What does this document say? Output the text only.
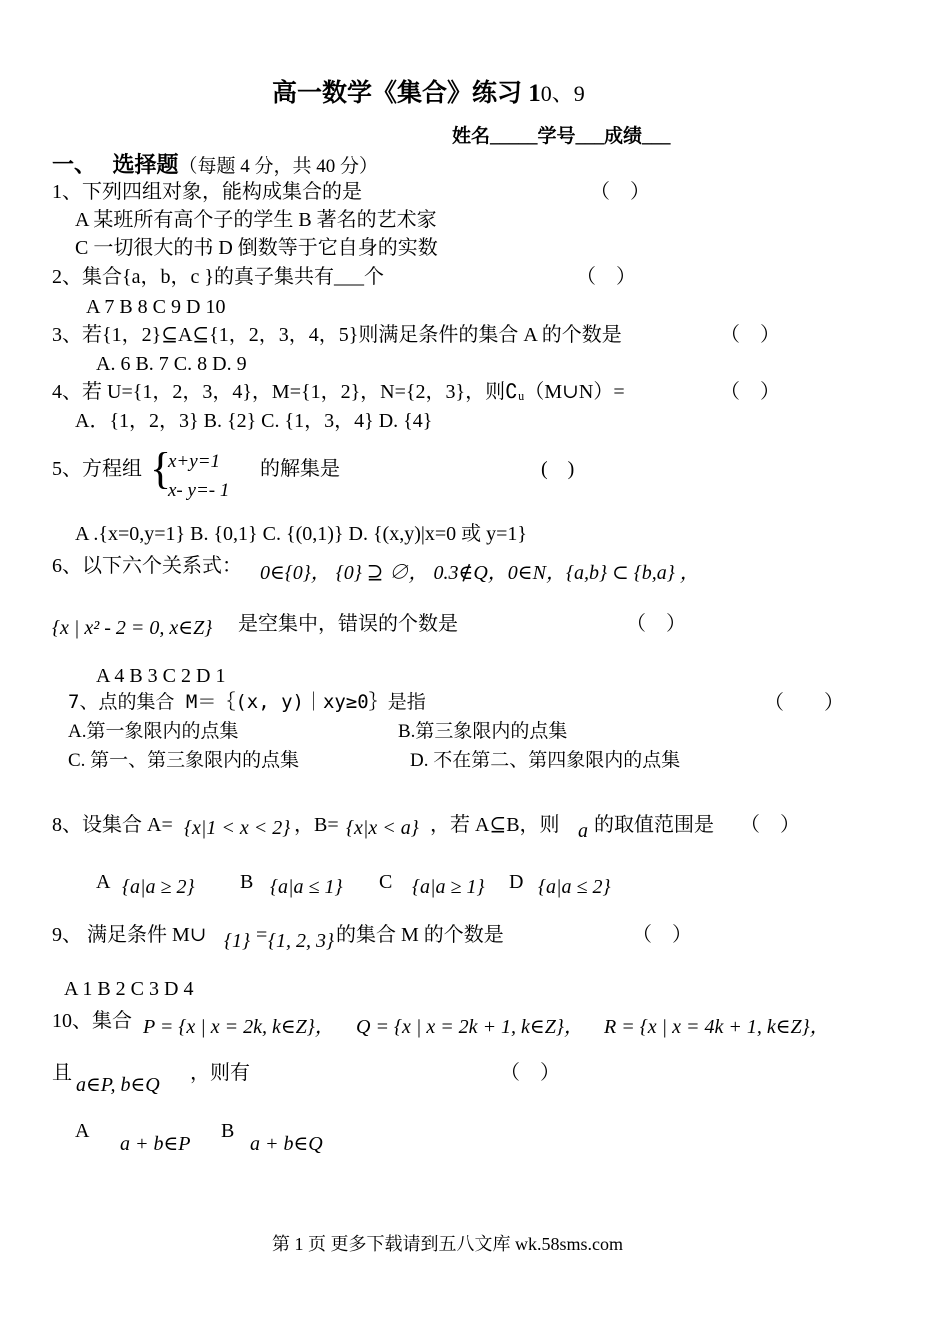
高一数学《集合》练习 10、9
姓名_____学号___成绩___
一、 选择题（每题 4 分，共 40 分）
1、下列四组对象，能构成集合的是	（　）
A 某班所有高个子的学生 B 著名的艺术家
C 一切很大的书 D 倒数等于它自身的实数
2、集合{a，b，c }的真子集共有___个	（　）
A 7 B 8 C 9 D 10
3、若{1，2}⊆A⊆{1，2，3，4，5}则满足条件的集合 A 的个数是	（　）
A. 6 B. 7 C. 8 D. 9
4、若 U={1，2，3，4}，M={1，2}，N={2，3}，则∁ᵤ（M∪N）=	（　）
A．{1，2，3} B. {2} C. {1，3，4} D. {4}
5、方程组 {
x+y=1
x- y=- 1
的解集是	(　)
A .{x=0,y=1} B. {0,1} C. {(0,1)} D. {(x,y)|x=0 或 y=1}
6、以下六个关系式： 0∈{0}， {0} ⊇ ∅， 0.3∉Q，0∈N，{a,b} ⊂ {b,a} ，
{x | x² - 2 = 0, x∈Z} 是空集中，错误的个数是	（　）
A 4 B 3 C 2 D 1
7、点的集合 M＝｛(x, y)｜xy≥0｝是指	（　　）
A.第一象限内的点集	B.第三象限内的点集
C. 第一、第三象限内的点集	D. 不在第二、第四象限内的点集
8、设集合 A= {x|1 < x < 2} ，B= {x|x < a} ，若 A⊆B，则 a 的取值范围是 （　）
A {a|a ≥ 2} B {a|a ≤ 1} C {a|a ≥ 1} D {a|a ≤ 2}
9、 满足条件 M∪ {1} = {1, 2, 3} 的集合 M 的个数是	（　）
A 1 B 2 C 3 D 4
10、集合 P = {x | x = 2k, k∈Z}， Q = {x | x = 2k + 1, k∈Z}， R = {x | x = 4k + 1, k∈Z}，
且
a∈P, b∈Q
，则有	（　）
A
a + b∈P
B
a + b∈Q
第 1 页 更多下载请到五八文库 wk.58sms.com
